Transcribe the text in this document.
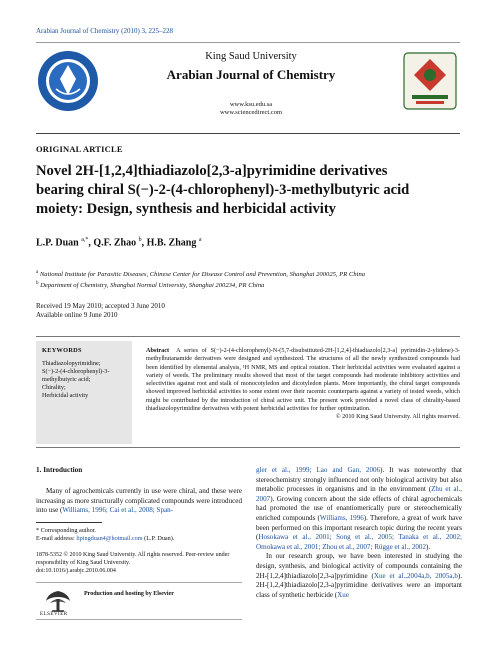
Arabian Journal of Chemistry (2010) 3, 225–228
King Saud University
Arabian Journal of Chemistry
www.ksu.edu.sa
www.sciencedirect.com
ORIGINAL ARTICLE
Novel 2H-[1,2,4]thiadiazolo[2,3-a]pyrimidine derivatives
bearing chiral S(−)-2-(4-chlorophenyl)-3-methylbutyric acid
moiety: Design, synthesis and herbicidal activity
L.P. Duan $^{a,*}$, Q.F. Zhao $^b$, H.B. Zhang $^a$
$^a$ National Institute for Parasitic Diseases, Chinese Center for Disease Control and Prevention, Shanghai 200025, PR China
$^b$ Department of Chemistry, Shanghai Normal University, Shanghai 200234, PR China
Received 19 May 2010; accepted 3 June 2010
Available online 9 June 2010
KEYWORDS
Thiadiazolopyrimidine;
S(−)-2-(4-chlorophenyl)-3-
methylbutyric acid;
Chirality;
Herbicidal activity
Abstract A series of S(−)-2-(4-chlorophenyl)-N-(5,7-disubstituted-2H-[1,2,4]-thiadiazolo[2,3-a] pyrimidin-2-ylidene)-3-methylbutanamide derivatives were designed and synthesized. The structures of all the newly synthesized compounds had been identified by elemental analysis, ¹H NMR, MS and optical rotation. Their herbicidal activities were evaluated against a variety of weeds. The preliminary results showed that most of the target compounds had moderate inhibitory activities and selectivities against root and stalk of monocotyledon and dicotyledon plants. More importantly, the chiral target compounds showed improved herbicidal activities to some extent over their racemic counterparts against a variety of tested weeds, which might be contributed by the introduction of chiral active unit. The present work provided a novel class of chirality-based thiadiazolopyrimidine derivatives with potent herbicidal activities for further optimization.
© 2010 King Saud University. All rights reserved.
1. Introduction

Many of agrochemicals currently in use were chiral, and these were increasing as more structurally complicated compounds were introduced into use (Williams, 1996; Cai et al., 2008; Span-

* Corresponding author.
E-mail address: lipingduan4@hotmail.com (L.P. Duan).
1878-5352 © 2010 King Saud University. All rights reserved. Peer-review under responsibility of King Saud University.
doi:10.1016/j.arabjc.2010.06.004
ELSEVIER
Production and hosting by Elsevier
gler et al., 1999; Lao and Gan, 2006). It was noteworthy that stereochemistry strongly influenced not only biological activity but also metabolic processes in organisms and in the environment (Zhu et al., 2007). Growing concern about the side effects of chiral agrochemicals had promoted the use of enantiomerically pure or stereochemically enriched compounds (Williams, 1996). Therefore, a great of work have been performed on this important research topic during the recent years (Hosokawa et al., 2001; Song et al., 2005; Tanaka et al., 2002; Omokawa et al., 2001; Zhou et al., 2007; Rügge et al., 2002).

In our research group, we have been interested in studying the design, synthesis, and biological activity of compounds containing the 2H-[1,2,4]thiadiazolo[2,3-a]pyrimidine (Xue et al.,2004a,b, 2005a,b). 2H-[1,2,4]thiadiazolo[2,3-a]pyrimidine derivatives were an important class of synthetic herbicide (Xue
